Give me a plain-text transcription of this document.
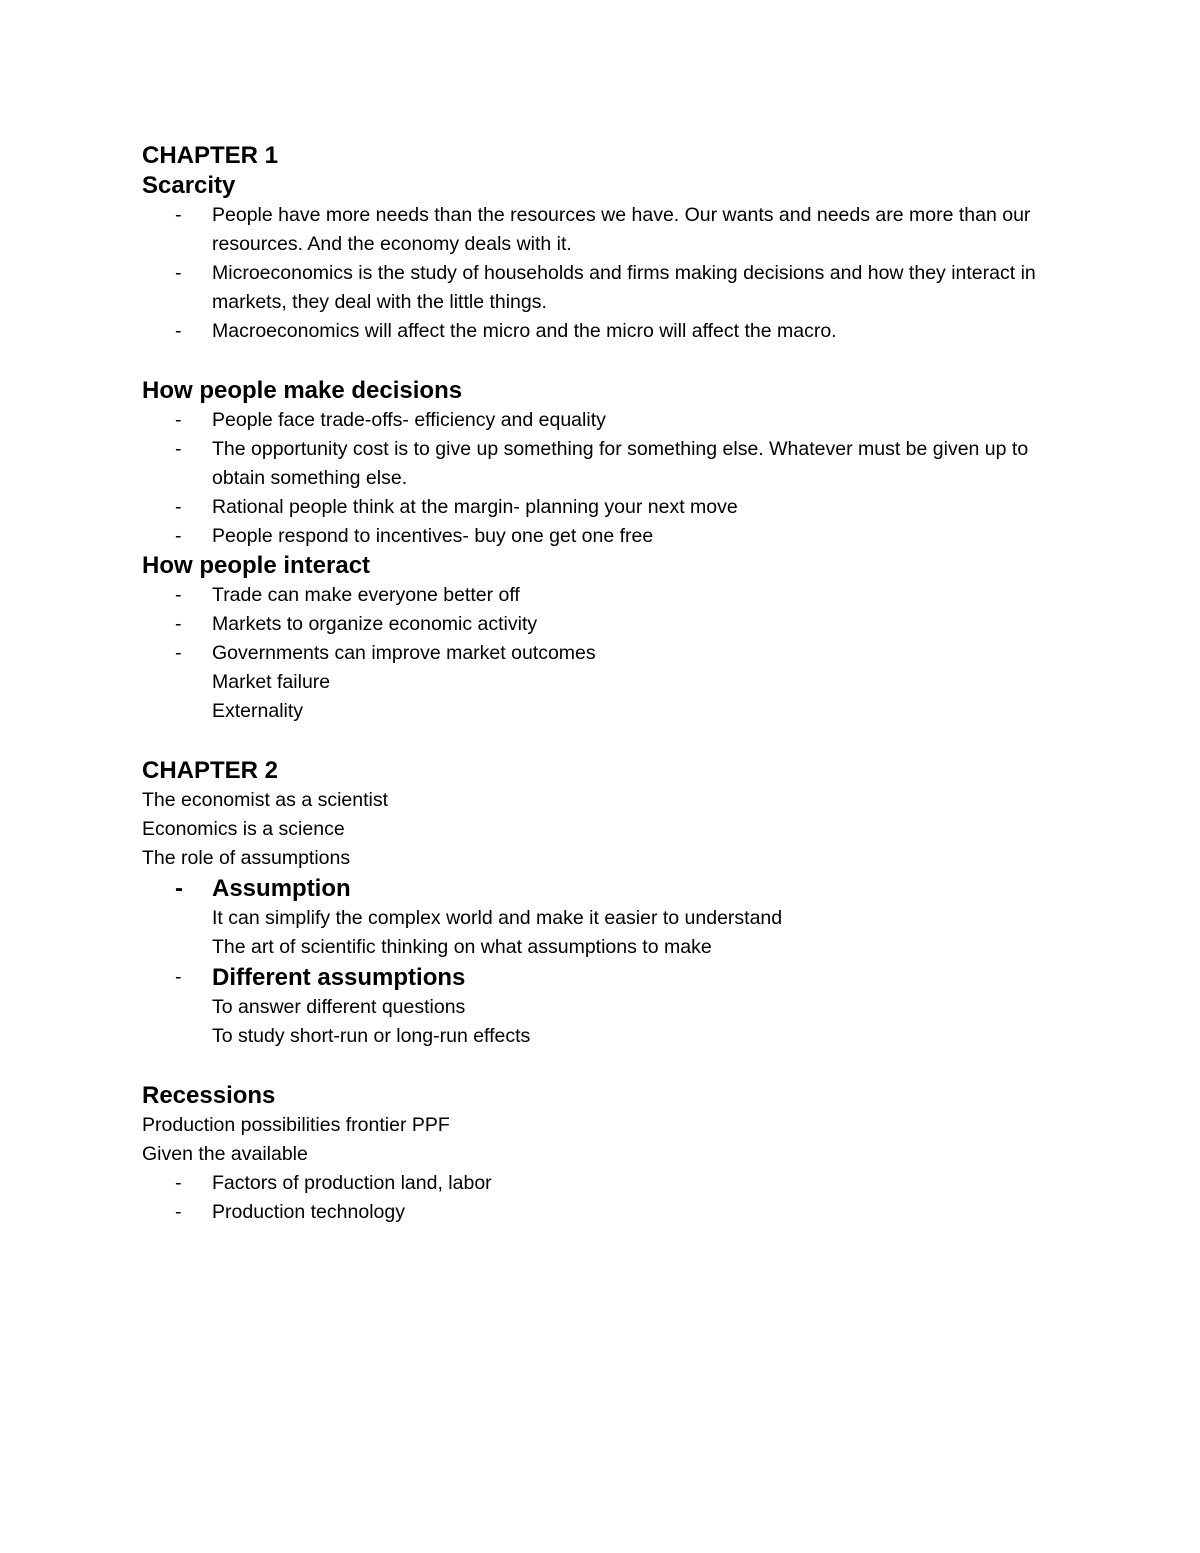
CHAPTER 1

Scarcity

- People have more needs than the resources we have. Our wants and needs are more than our resources. And the economy deals with it.
- Microeconomics is the study of households and firms making decisions and how they interact in markets, they deal with the little things.
- Macroeconomics will affect the micro and the micro will affect the macro.

How people make decisions

- People face trade-offs- efficiency and equality
- The opportunity cost is to give up something for something else. Whatever must be given up to obtain something else.
- Rational people think at the margin- planning your next move
- People respond to incentives- buy one get one free

How people interact

- Trade can make everyone better off
- Markets to organize economic activity
- Governments can improve market outcomes
Market failure
Externality

CHAPTER 2

The economist as a scientist

Economics is a science

The role of assumptions

- Assumption
It can simplify the complex world and make it easier to understand
The art of scientific thinking on what assumptions to make
- Different assumptions
To answer different questions
To study short-run or long-run effects

Recessions

Production possibilities frontier PPF

Given the available

- Factors of production land, labor
- Production technology
